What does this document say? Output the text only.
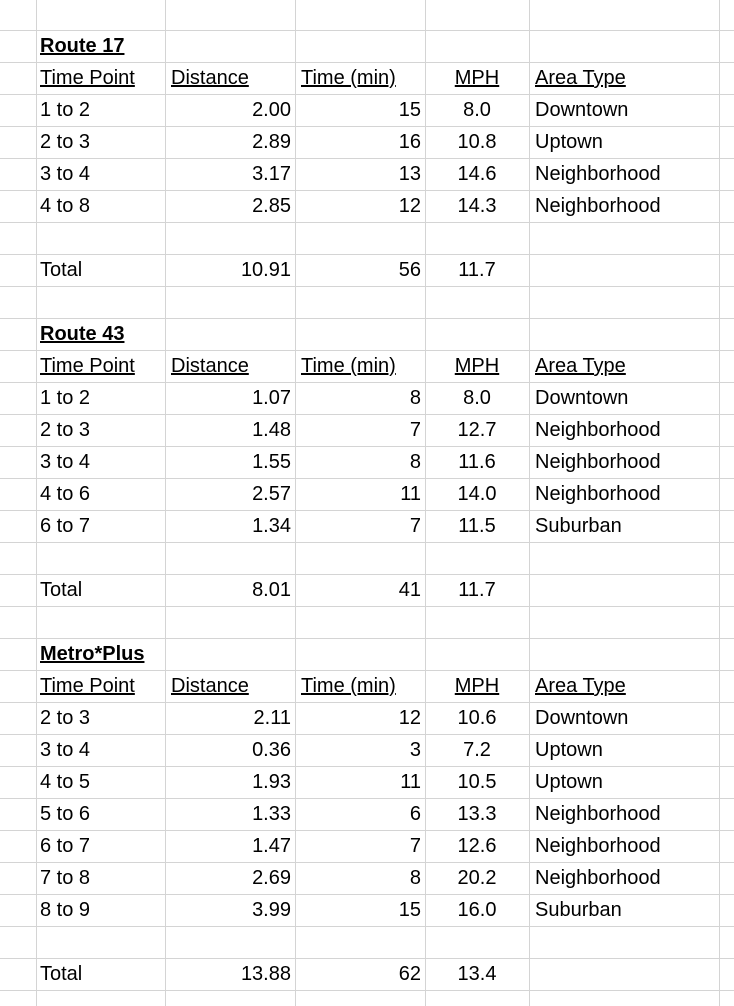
Route 17
Time Point	Distance	Time (min)	MPH	Area Type
1 to 2	2.00	15	8.0	Downtown
2 to 3	2.89	16	10.8	Uptown
3 to 4	3.17	13	14.6	Neighborhood
4 to 8	2.85	12	14.3	Neighborhood
Total	10.91	56	11.7
Route 43
Time Point	Distance	Time (min)	MPH	Area Type
1 to 2	1.07	8	8.0	Downtown
2 to 3	1.48	7	12.7	Neighborhood
3 to 4	1.55	8	11.6	Neighborhood
4 to 6	2.57	11	14.0	Neighborhood
6 to 7	1.34	7	11.5	Suburban
Total	8.01	41	11.7
Metro*Plus
Time Point	Distance	Time (min)	MPH	Area Type
2 to 3	2.11	12	10.6	Downtown
3 to 4	0.36	3	7.2	Uptown
4 to 5	1.93	11	10.5	Uptown
5 to 6	1.33	6	13.3	Neighborhood
6 to 7	1.47	7	12.6	Neighborhood
7 to 8	2.69	8	20.2	Neighborhood
8 to 9	3.99	15	16.0	Suburban
Total	13.88	62	13.4
